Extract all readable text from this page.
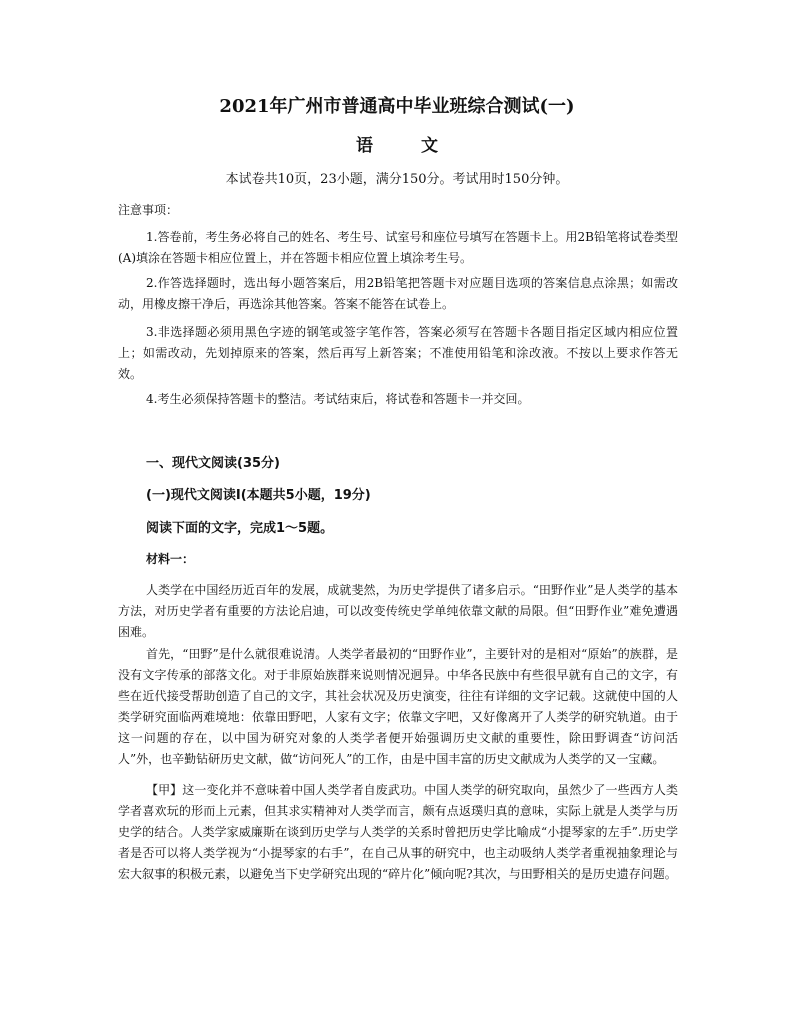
2021年广州市普通高中毕业班综合测试(一)
语 文
本试卷共10页，23小题，满分150分。考试用时150分钟。
注意事项：

1.答卷前，考生务必将自己的姓名、考生号、试室号和座位号填写在答题卡上。用2B铅笔将试卷类型(A)填涂在答题卡相应位置上，并在答题卡相应位置上填涂考生号。

2.作答选择题时，选出每小题答案后，用2B铅笔把答题卡对应题目选项的答案信息点涂黑；如需改动，用橡皮擦干净后，再选涂其他答案。答案不能答在试卷上。

3.非选择题必须用黑色字迹的钢笔或签字笔作答，答案必须写在答题卡各题目指定区域内相应位置上；如需改动，先划掉原来的答案，然后再写上新答案；不准使用铅笔和涂改液。不按以上要求作答无效。

4.考生必须保持答题卡的整洁。考试结束后，将试卷和答题卡一并交回。

一、现代文阅读(35分)
(一)现代文阅读Ⅰ(本题共5小题，19分)
阅读下面的文字，完成1～5题。
材料一：

人类学在中国经历近百年的发展，成就斐然，为历史学提供了诸多启示。“田野作业”是人类学的基本方法，对历史学者有重要的方法论启迪，可以改变传统史学单纯依靠文献的局限。但“田野作业”难免遭遇困难。

首先，“田野”是什么就很难说清。人类学者最初的“田野作业”，主要针对的是相对“原始”的族群，是没有文字传承的部落文化。对于非原始族群来说则情况迥异。中华各民族中有些很早就有自己的文字，有些在近代接受帮助创造了自己的文字，其社会状况及历史演变，往往有详细的文字记载。这就使中国的人类学研究面临两难境地：依靠田野吧，人家有文字；依靠文字吧，又好像离开了人类学的研究轨道。由于这一问题的存在，以中国为研究对象的人类学者便开始强调历史文献的重要性，除田野调查“访问活人”外，也辛勤钻研历史文献，做“访问死人”的工作，由是中国丰富的历史文献成为人类学的又一宝藏。

【甲】这一变化并不意味着中国人类学者自废武功。中国人类学的研究取向，虽然少了一些西方人类学者喜欢玩的形而上元素，但其求实精神对人类学而言，颇有点返璞归真的意味，实际上就是人类学与历史学的结合。人类学家威廉斯在谈到历史学与人类学的关系时曾把历史学比喻成“小提琴家的左手”.历史学者是否可以将人类学视为“小提琴家的右手”，在自己从事的研究中，也主动吸纳人类学者重视抽象理论与宏大叙事的积极元素，以避免当下史学研究出现的“碎片化”倾向呢?其次，与田野相关的是历史遗存问题。
